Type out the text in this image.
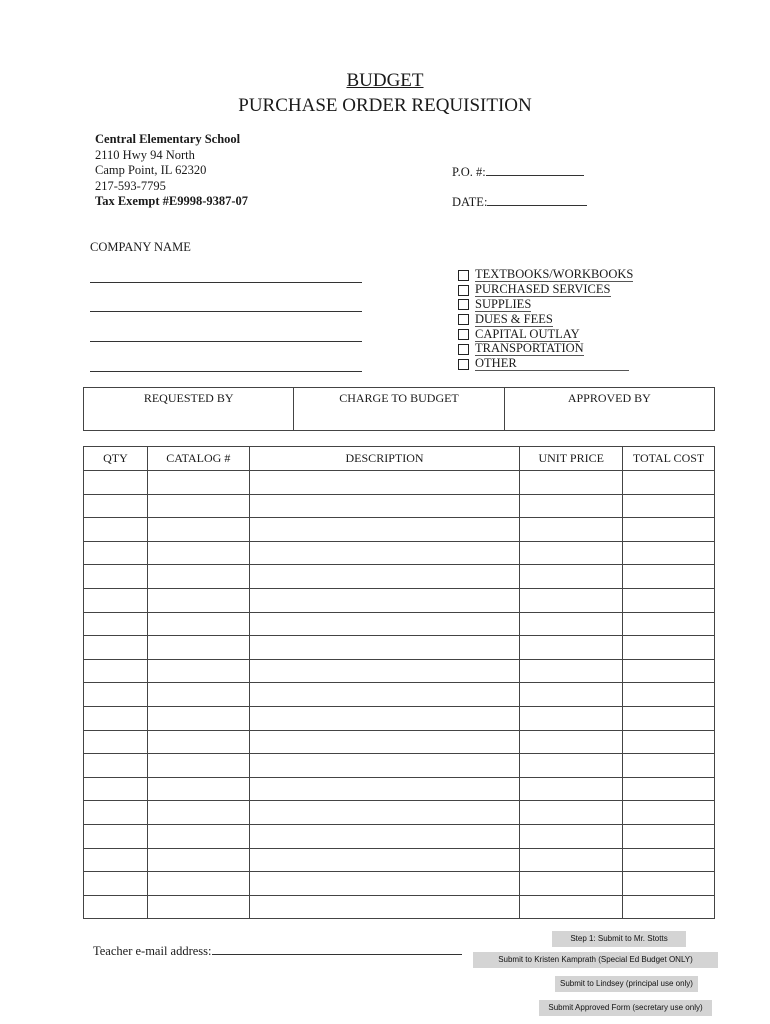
BUDGET
PURCHASE ORDER REQUISITION
Central Elementary School
2110 Hwy 94 North
Camp Point, IL 62320
217-593-7795
Tax Exempt #E9998-9387-07
P.O. #:
DATE:
COMPANY NAME
TEXTBOOKS/WORKBOOKS
PURCHASED SERVICES
SUPPLIES
DUES & FEES
CAPITAL OUTLAY
TRANSPORTATION
OTHER
REQUESTED BY	CHARGE TO BUDGET	APPROVED BY
QTY	CATALOG #	DESCRIPTION	UNIT PRICE	TOTAL COST

Teacher e-mail address:
Step 1: Submit to Mr. Stotts
Submit to Kristen Kamprath (Special Ed Budget ONLY)
Submit to Lindsey (principal use only)
Submit Approved Form (secretary use only)
